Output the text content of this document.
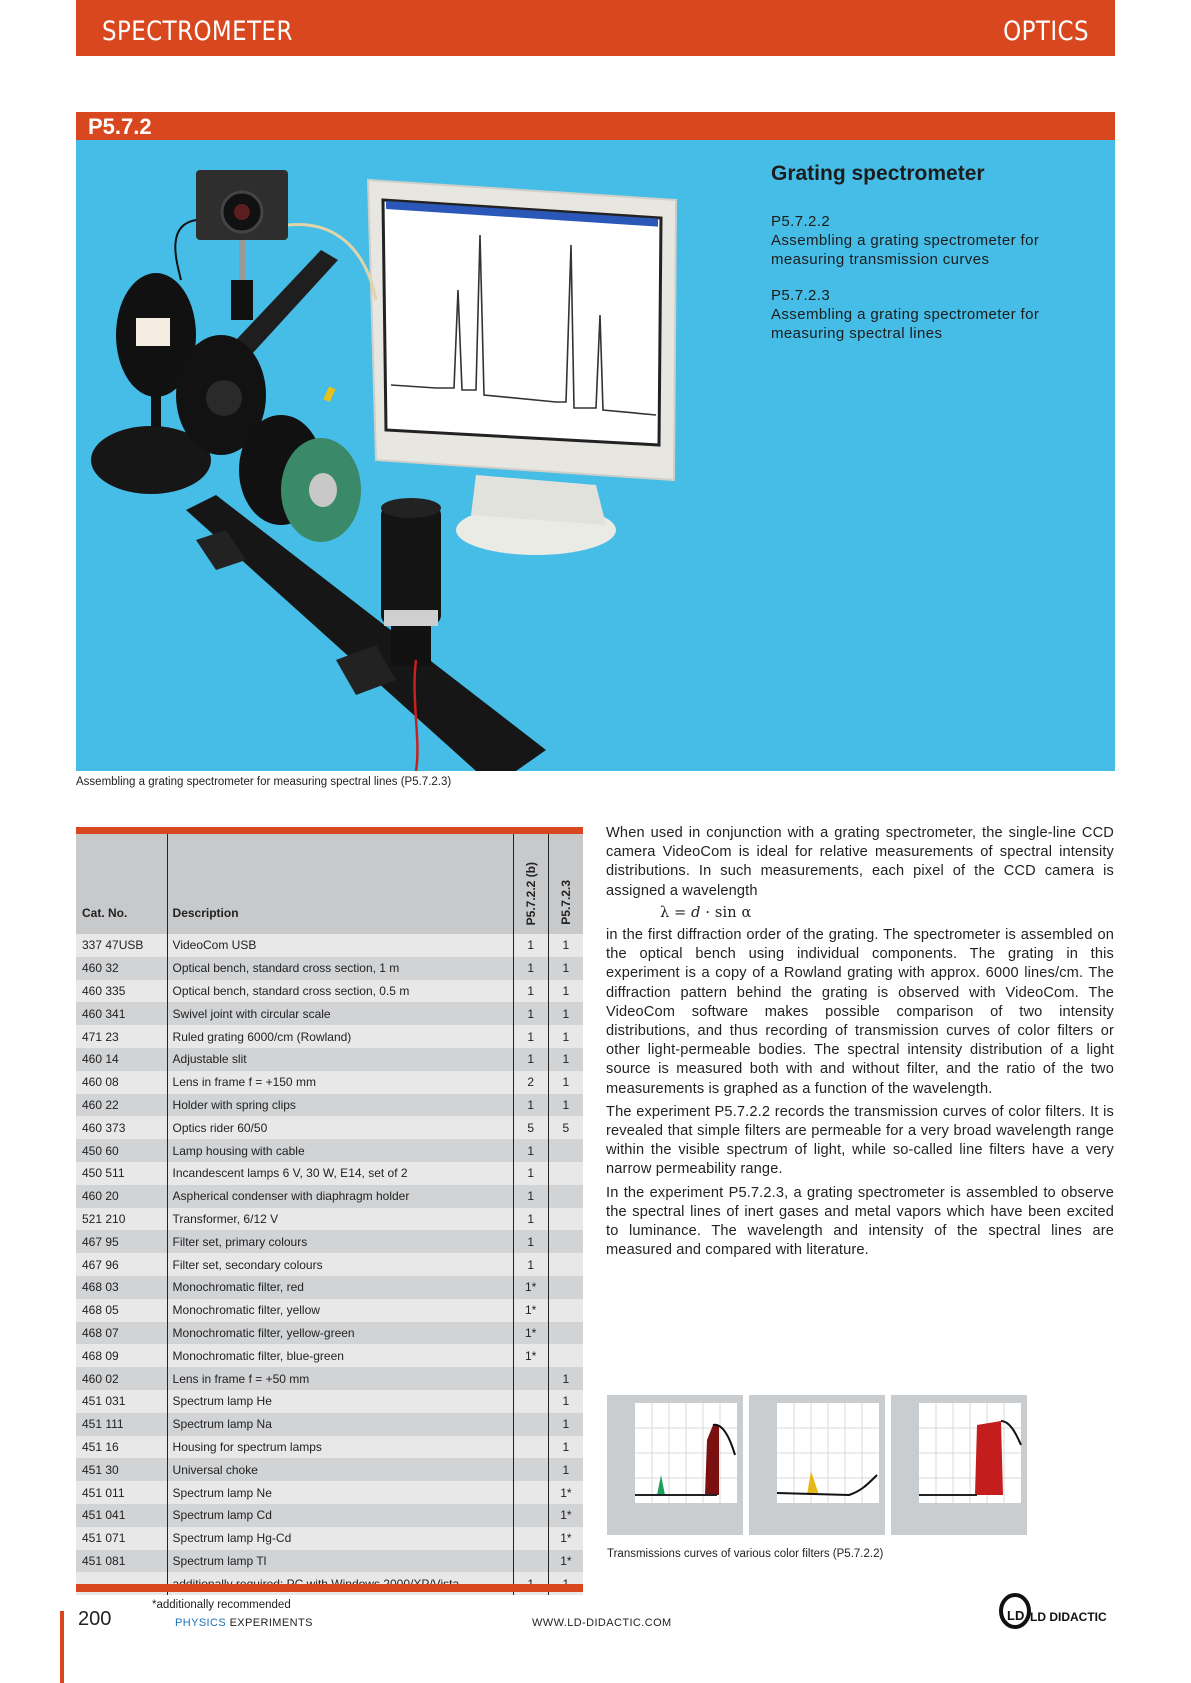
SPECTROMETER	OPTICS
P5.7.2
Grating spectrometer
P5.7.2.2
Assembling a grating spectrometer for
measuring transmission curves
P5.7.2.3
Assembling a grating spectrometer for
measuring spectral lines
Assembling a grating spectrometer for measuring spectral lines (P5.7.2.3)
Cat. No.	Description	P5.7.2.2 (b)	P5.7.2.3
337 47USB	VideoCom USB	1	1
460 32	Optical bench, standard cross section, 1 m	1	1
460 335	Optical bench, standard cross section, 0.5 m	1	1
460 341	Swivel joint with circular scale	1	1
471 23	Ruled grating 6000/cm (Rowland)	1	1
460 14	Adjustable slit	1	1
460 08	Lens in frame f = +150 mm	2	1
460 22	Holder with spring clips	1	1
460 373	Optics rider 60/50	5	5
450 60	Lamp housing with cable	1	
450 511	Incandescent lamps 6 V, 30 W, E14, set of 2	1	
460 20	Aspherical condenser with diaphragm holder	1	
521 210	Transformer, 6/12 V	1	
467 95	Filter set, primary colours	1	
467 96	Filter set, secondary colours	1	
468 03	Monochromatic filter, red	1*	
468 05	Monochromatic filter, yellow	1*	
468 07	Monochromatic filter, yellow-green	1*	
468 09	Monochromatic filter, blue-green	1*	
460 02	Lens in frame f = +50 mm		1
451 031	Spectrum lamp He		1
451 111	Spectrum lamp Na		1
451 16	Housing for spectrum lamps		1
451 30	Universal choke		1
451 011	Spectrum lamp Ne		1*
451 041	Spectrum lamp Cd		1*
451 071	Spectrum lamp Hg-Cd		1*
451 081	Spectrum lamp Tl		1*

*additionally recommended

When used in conjunction with a grating spectrometer, the single-line CCD camera VideoCom is ideal for relative measurements of spectral intensity distributions. In such measurements, each pixel of the CCD camera is assigned a wavelength

λ = d · sin α

in the first diffraction order of the grating. The spectrometer is assembled on the optical bench using individual components. The grating in this experiment is a copy of a Rowland grating with approx. 6000 lines/cm. The diffraction pattern behind the grating is observed with VideoCom. The VideoCom software makes possible comparison of two intensity distributions, and thus recording of transmission curves of color filters or other light-permeable bodies. The spectral intensity distribution of a light source is measured both with and without filter, and the ratio of the two measurements is graphed as a function of the wavelength.

The experiment P5.7.2.2 records the transmission curves of color filters. It is revealed that simple filters are permeable for a very broad wavelength range within the visible spectrum of light, while so-called line filters have a very narrow permeability range.

In the experiment P5.7.2.3, a grating spectrometer is assembled to observe the spectral lines of inert gases and metal vapors which have been excited to luminance. The wavelength and intensity of the spectral lines are measured and compared with literature.

Transmissions curves of various color filters (P5.7.2.2)
200	PHYSICS EXPERIMENTS	WWW.LD-DIDACTIC.COM	LD LD DIDACTIC
